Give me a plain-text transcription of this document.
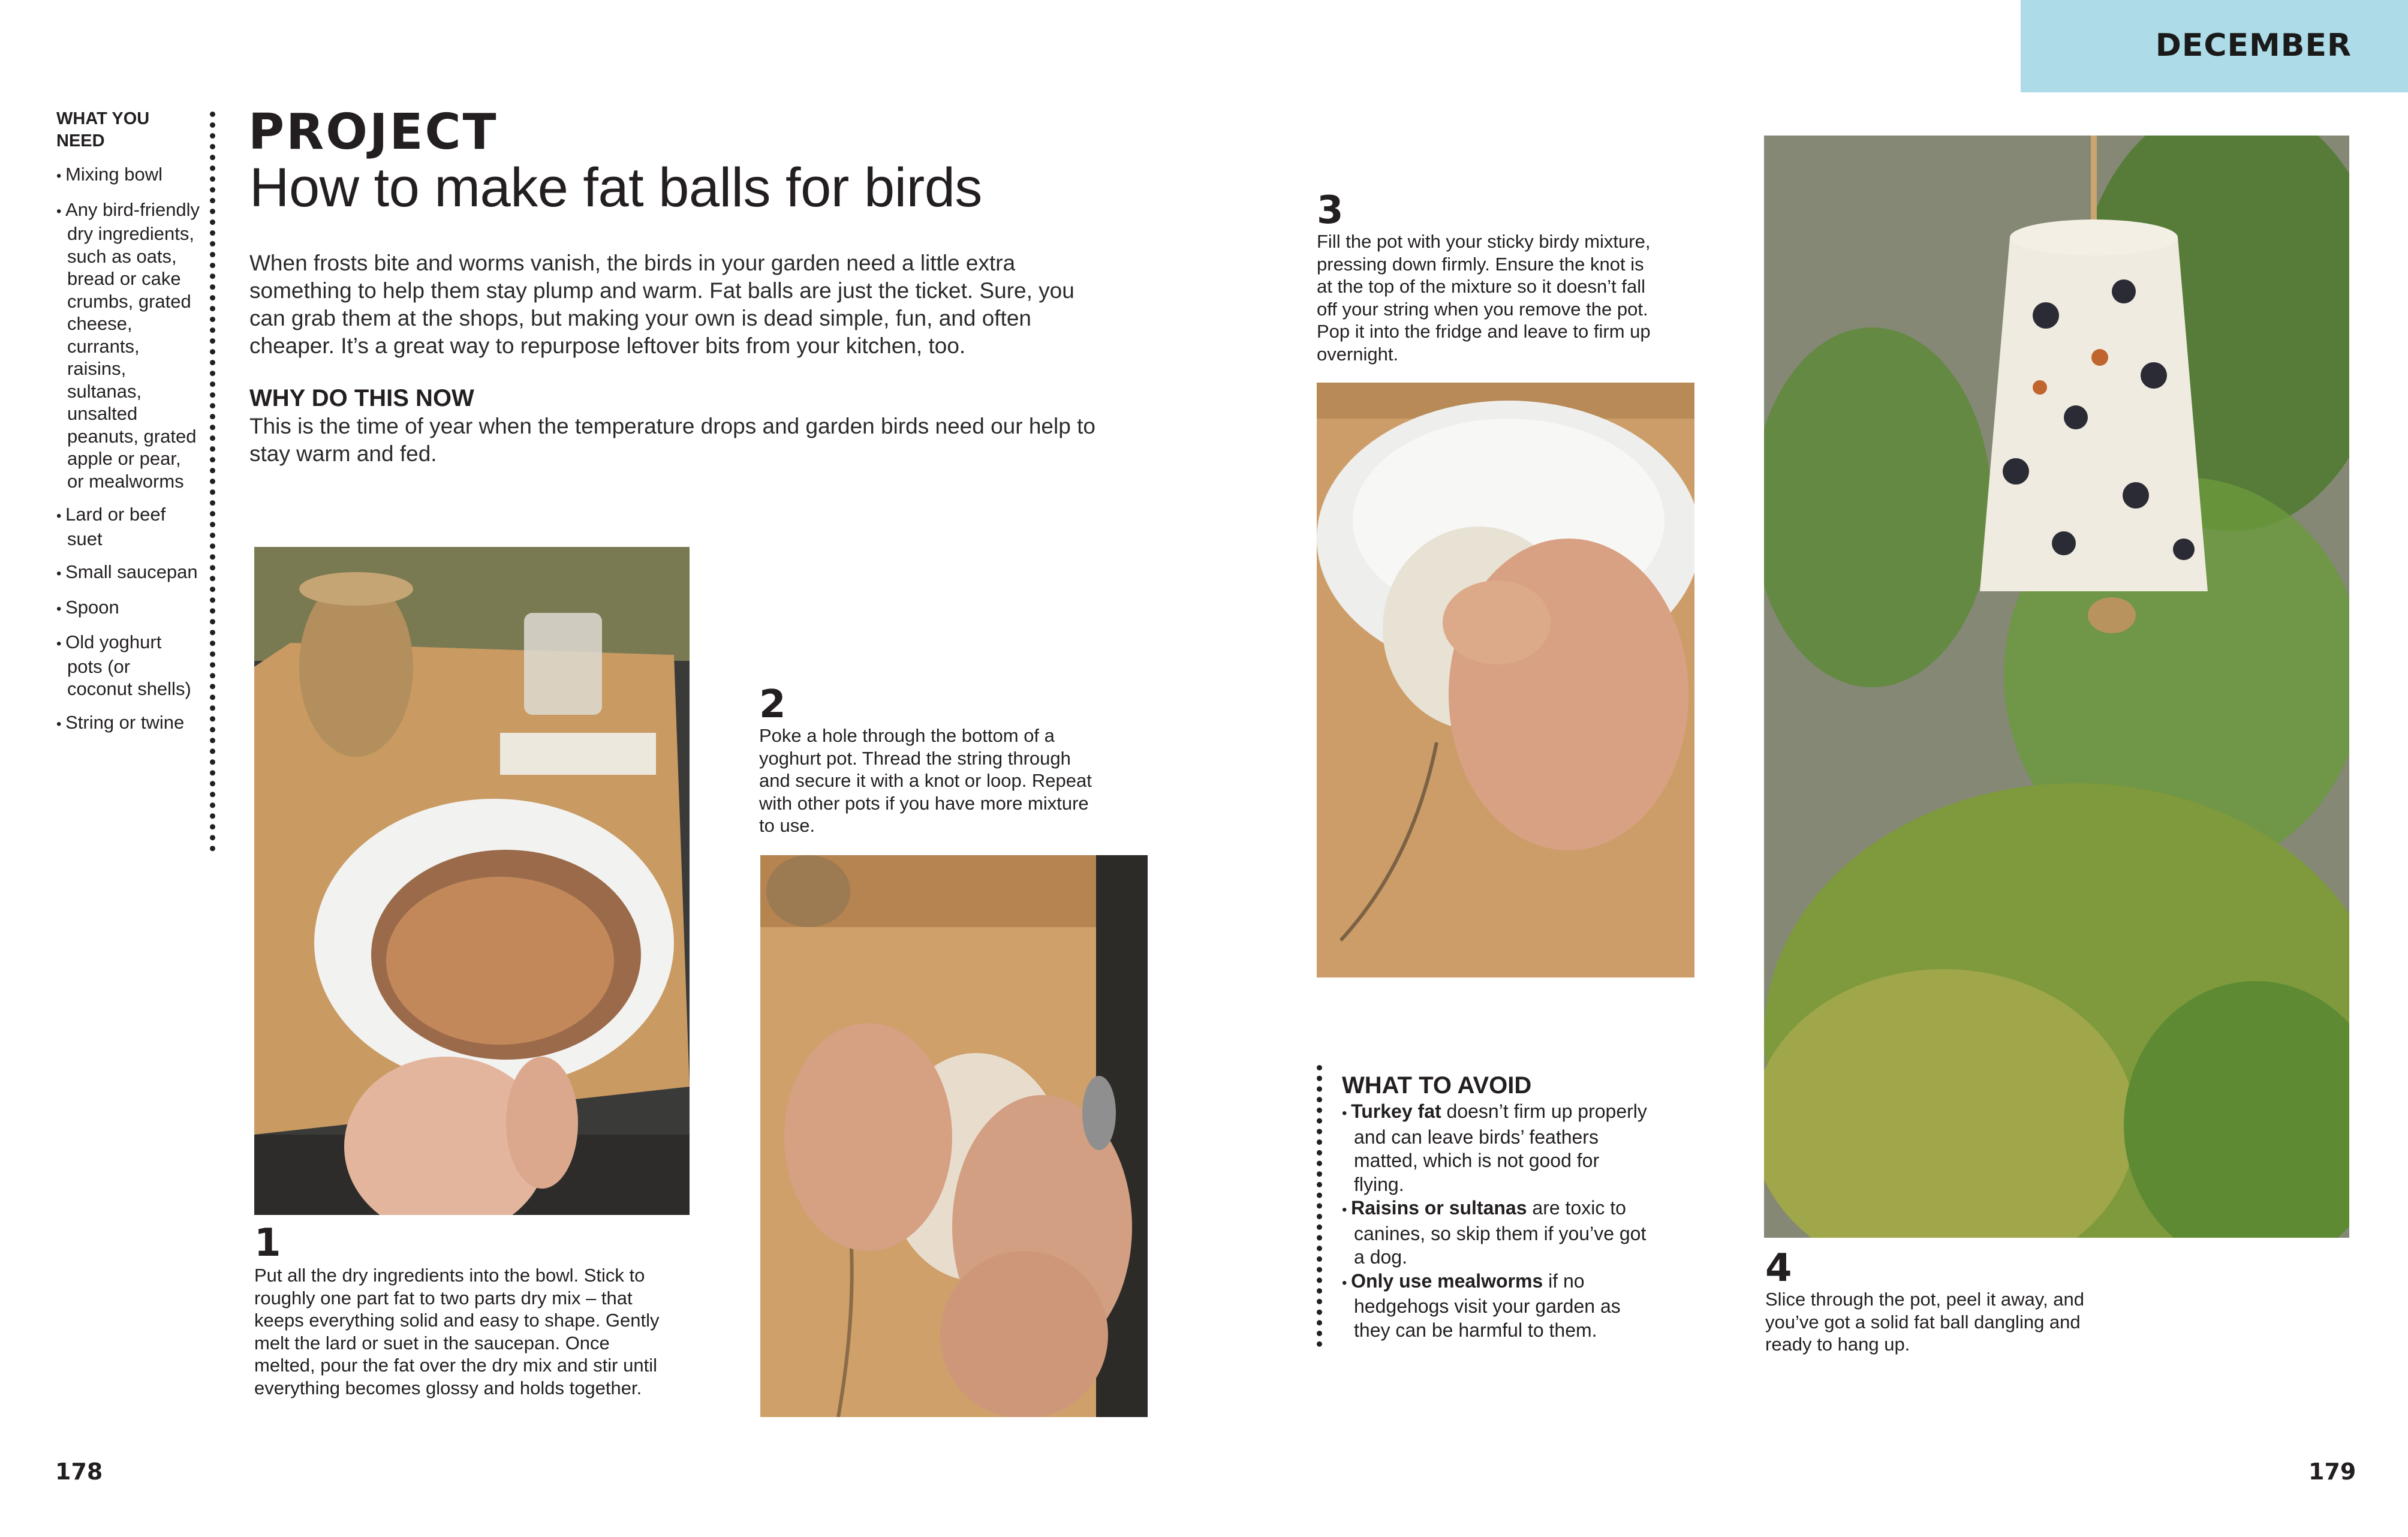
DECEMBER
WHAT YOU NEED
• Mixing bowl
• Any bird-friendly dry ingredients, such as oats, bread or cake crumbs, grated cheese, currants, raisins, sultanas, unsalted peanuts, grated apple or pear, or mealworms
• Lard or beef suet
• Small saucepan
• Spoon
• Old yoghurt pots (or coconut shells)
• String or twine
PROJECT
How to make fat balls for birds
When frosts bite and worms vanish, the birds in your garden need a little extra something to help them stay plump and warm. Fat balls are just the ticket. Sure, you can grab them at the shops, but making your own is dead simple, fun, and often cheaper. It’s a great way to repurpose leftover bits from your kitchen, too.
WHY DO THIS NOW
This is the time of year when the temperature drops and garden birds need our help to stay warm and fed.
1
Put all the dry ingredients into the bowl. Stick to roughly one part fat to two parts dry mix – that keeps everything solid and easy to shape. Gently melt the lard or suet in the saucepan. Once melted, pour the fat over the dry mix and stir until everything becomes glossy and holds together.
2
Poke a hole through the bottom of a yoghurt pot. Thread the string through and secure it with a knot or loop. Repeat with other pots if you have more mixture to use.
3
Fill the pot with your sticky birdy mixture, pressing down firmly. Ensure the knot is at the top of the mixture so it doesn’t fall off your string when you remove the pot. Pop it into the fridge and leave to firm up overnight.
WHAT TO AVOID
• Turkey fat doesn’t firm up properly and can leave birds’ feathers matted, which is not good for flying.
• Raisins or sultanas are toxic to canines, so skip them if you’ve got a dog.
• Only use mealworms if no hedgehogs visit your garden as they can be harmful to them.
4
Slice through the pot, peel it away, and you’ve got a solid fat ball dangling and ready to hang up.
178	179
